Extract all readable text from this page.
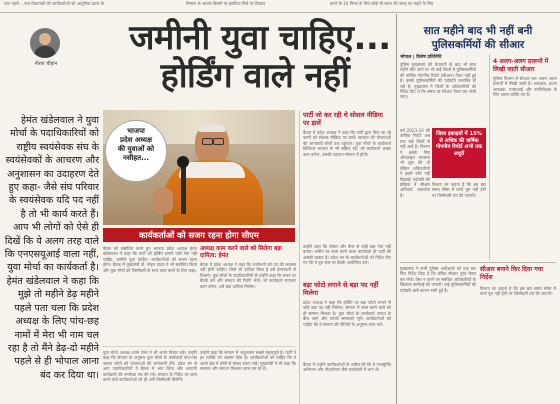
धान पहले ...राज विधायकों को कार्यकर्ताओं को आधुनिक प्रचार के	निमाण के आधार किसने पर इस्तीफा मिले पर दिखाए	करने के 10 मिनट के लिए कोई भी स्थान की जगह पर कहने के लिए
नीरज चौहान
जमीनी युवा चाहिए...
होर्डिंग वाले नहीं
हेमंत खंडेलवाल ने युवा मोर्चा के पदाधिकारियों को राष्ट्रीय स्वयंसेवक संघ के स्वयंसेवकों के आचरण और अनुशासन का उदाहरण देते हुए कहा- जैसे संघ परिवार के स्वयंसेवक यदि पद नहीं है तो भी कार्य करते हैं। आप भी लोगों को ऐसे ही दिखें कि ये अलग तरह वाले कि एनएसयूआई वाला नहीं, युवा मोर्चा का कार्यकर्ता है। हेमंत खंडेलवाल ने कहा कि मुझे तो महीने डेढ़ महीने पहले पता चला कि प्रदेश अध्यक्ष के लिए पांच-छह नामों में मेरा भी नाम चल रहा है तो मैंने डेढ़-दो महीने पहले से ही भोपाल आना बंद कर दिया था।
भाजपा
प्रदेश अध्यक्ष
की युवाओं को
नसीहत...
कार्यकर्ताओं को सजग रहना होगा सीएम
अध्यक्ष काम करने वाले को मिलेगा बड़ा दायित्व: हेमंत
बैठक को संबोधित करते हुए भाजपा प्रदेश अध्यक्ष हेमंत खंडेलवाल ने कहा कि पार्टी को होर्डिंग लगाने वाले नेता नहीं चाहिए, जमीनी युवा चाहिए। कार्यकर्ताओं को सजग रहना होगा। बैठक में मुख्यमंत्री डॉ. मोहन यादव ने भी संबोधित किया और युवा मोर्चा को जिम्मेदारी के साथ काम करने के लिए कहा।
बैठक में प्रदेश अध्यक्ष ने कहा कि कार्यकर्ता को पद की लालसा नहीं होनी चाहिए। जिसे जो दायित्व मिला है उसे ईमानदारी से निभाएं। युवा मोर्चा के पदाधिकारियों से उन्होंने कहा कि समय पर बैठकें करें और संगठन की रिपोर्ट भेजें। जो कार्यकर्ता लगातार काम करेगा, उसे बड़ा दायित्व मिलेगा।
युवा मोर्चा अध्यक्ष श्याम टेलर ने भी अपने विचार रखे। उन्होंने कहा कि संगठन के अनुसार युवा मोर्चा के कार्यकर्ता गांव-गांव जाकर लोगों को योजनाओं की जानकारी देंगे। प्रदेश भर से आए पदाधिकारियों ने बैठक में भाग लिया और आगामी कार्यक्रमों की रूपरेखा तय की गई। संगठन के निर्देश पर काम करने वाले कार्यकर्ताओं को ही आगे जिम्मेदारी मिलेगी।
उन्होंने कहा कि संगठन में अनुशासन सबसे महत्वपूर्ण है। पार्टी ने हर व्यक्ति को अवसर दिया है। कार्यकर्ताओं को चाहिए कि वे अपने क्षेत्र में लोगों से संवाद बनाए रखें। मुख्यमंत्री ने भी कहा कि सरकार और संगठन मिलकर काम कर रहे हैं।
पार्टी जो कर रही थे सोशल मीडिया पर डालें
बैठक में प्रदेश अध्यक्ष ने कहा कि पार्टी द्वारा किए जा रहे कामों को सोशल मीडिया पर डालें। सरकार की योजनाओं की जानकारी लोगों तक पहुंचाएं। युवा मोर्चा के कार्यकर्ता डिजिटल माध्यम से भी सक्रिय रहें। जो कार्यकर्ता अच्छा काम करेगा, उसकी पहचान संगठन में होगी।
उन्होंने कहा कि पोस्टर और बैनर से कोई बड़ा नेता नहीं बनता। जमीन पर काम करने वाला कार्यकर्ता ही पार्टी की असली ताकत है। प्रदेश भर के कार्यकर्ताओं को निर्देश दिए गए कि वे बूथ स्तर पर बैठकें आयोजित करें।
बड़ा फोटो लगाने से बड़ा पद नहीं मिलेगा
प्रदेश अध्यक्ष ने कहा कि होर्डिंग पर बड़ा फोटो लगाने से कोई बड़ा पद नहीं मिलेगा। संगठन में काम करने वाले को ही सम्मान मिलता है। युवा मोर्चा के कार्यकर्ता जनता के बीच जाएं और उनकी समस्याएं सुनें। कार्यकर्ताओं को चाहिए कि वे संगठन की नीतियों के अनुसार काम करें।
बैठक में उन्होंने कार्यकर्ताओं से अपील की कि वे नशामुक्ति अभियान और पौधारोपण जैसे कार्यक्रमों में भाग लें।
सात महीने बाद भी नहीं बनी पुलिसकर्मियों की सीआर
भोपाल | विशेष प्रतिनिधि
पुलिस मुख्यालय की चेतावनी के बाद भी सात महीने बीत जाने पर भी कई जिलों में पुलिसकर्मियों की वार्षिक गोपनीय रिपोर्ट (सीआर) तैयार नहीं हुई है। इससे पुलिसकर्मियों की पदोन्नति प्रभावित हो रही है। मुख्यालय ने जिलों के अधिकारियों को निर्देश दिए थे कि समय पर सीआर तैयार कर भेजी जाए।
जिला इकाइयों में 15% से अधिक की वार्षिक गोपनीय रिपोर्ट अभी तक अधूरी
वर्ष 2023-24 की वार्षिक रिपोर्ट अब तक कई जिलों से नहीं आई है। विभाग ने इसके लिए ऑनलाइन व्यवस्था भी शुरू की थी लेकिन अधिकारियों ने इसमें रुचि नहीं दिखाई। पदोन्नति की प्रक्रिया में सीआर अनिवार्य दस्तावेज है।
विभाग का कहना है कि इस बार समय सीमा में कार्य पूरा नहीं होने पर जिम्मेदारी तय की जाएगी।
4 अलग-अलग प्रारूपों में लिखी जाती सीआर
पुलिस विभाग में सीआर चार अलग अलग प्रारूपों में लिखी जाती है। आरक्षक, प्रधान आरक्षक, एएसआई और उपनिरीक्षक के लिए अलग फॉर्मेट तय है।
मुख्यालय ने सभी पुलिस अधीक्षकों को एक बार फिर निर्देश दिया है कि लंबित सीआर तुरंत तैयार कर भेजें। ऐसा न करने पर संबंधित अधिकारियों के खिलाफ कार्रवाई की जाएगी। कई पुलिसकर्मियों की पदोन्नति इसी कारण रुकी हुई है।
सीआर बनाने फिर दिया गया निर्देश
विभाग का कहना है कि इस बार समय सीमा में कार्य पूरा नहीं होने पर जिम्मेदारी तय की जाएगी।
